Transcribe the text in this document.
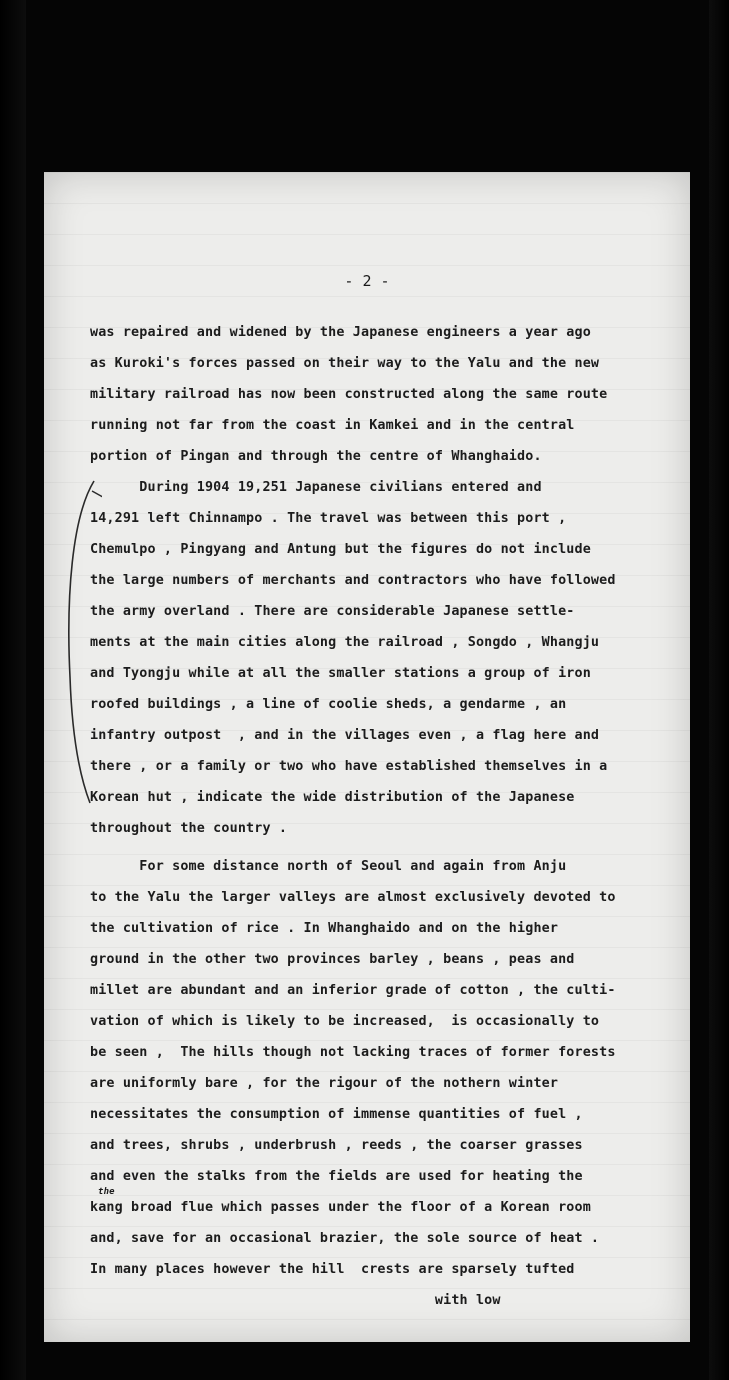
- 2 -
was repaired and widened by the Japanese engineers a year ago
as Kuroki's forces passed on their way to the Yalu and the new
military railroad has now been constructed along the same route
running not far from the coast in Kamkei and in the central
portion of Pingan and through the centre of Whanghaido.
During 1904 19,251 Japanese civilians entered and
14,291 left Chinnampo . The travel was between this port ,
Chemulpo , Pingyang and Antung but the figures do not include
the large numbers of merchants and contractors who have followed
the army overland . There are considerable Japanese settle-
ments at the main cities along the railroad , Songdo , Whangju
and Tyongju while at all the smaller stations a group of iron
roofed buildings , a line of coolie sheds, a gendarme , an
infantry outpost  , and in the villages even , a flag here and
there , or a family or two who have established themselves in a
Korean hut , indicate the wide distribution of the Japanese
throughout the country .
For some distance north of Seoul and again from Anju
to the Yalu the larger valleys are almost exclusively devoted to
the cultivation of rice . In Whanghaido and on the higher
ground in the other two provinces barley , beans , peas and
millet are abundant and an inferior grade of cotton , the culti-
vation of which is likely to be increased,  is occasionally to
be seen ,  The hills though not lacking traces of former forests
are uniformly bare , for the rigour of the nothern winter
necessitates the consumption of immense quantities of fuel ,
and trees, shrubs , underbrush , reeds , the coarser grasses
and even the stalks from the fields are used for heating the
kang broad flue which passes under the floor of a Korean room
and, save for an occasional brazier, the sole source of heat .
In many places however the hill  crests are sparsely tufted
with low
the
